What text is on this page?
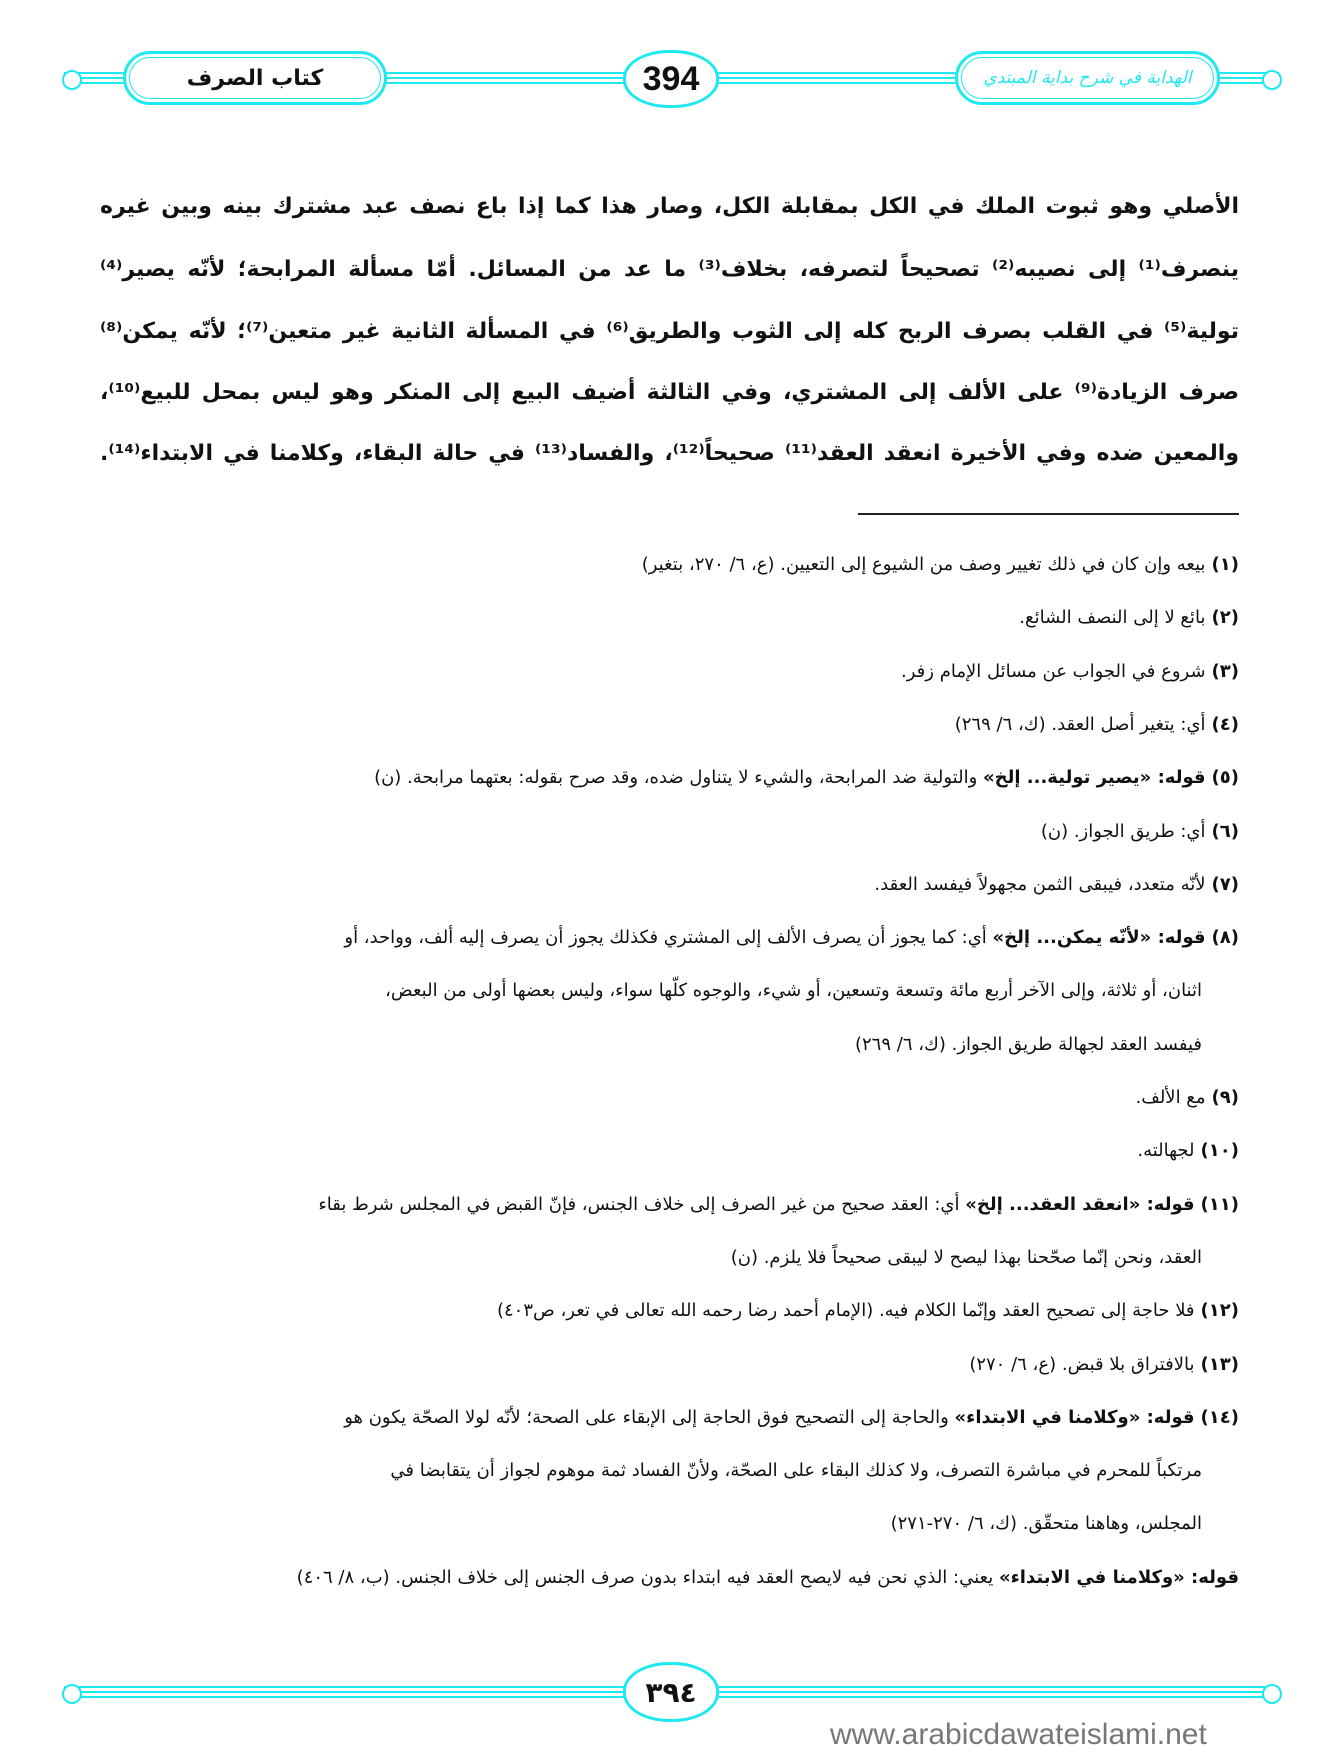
كتاب الصرف	394	الهداية في شرح بداية المبتدي
الأصلي وهو ثبوت الملك في الكل بمقابلة الكل، وصار هذا كما إذا باع نصف عبد مشترك بينه وبين غيره
ينصرف⁽¹⁾ إلى نصيبه⁽²⁾ تصحيحاً لتصرفه، بخلاف⁽³⁾ ما عد من المسائل. أمّا مسألة المرابحة؛ لأنّه يصير⁽⁴⁾
تولية⁽⁵⁾ في القلب بصرف الربح كله إلى الثوب والطريق⁽⁶⁾ في المسألة الثانية غير متعين⁽⁷⁾؛ لأنّه يمكن⁽⁸⁾
صرف الزيادة⁽⁹⁾ على الألف إلى المشتري، وفي الثالثة أضيف البيع إلى المنكر وهو ليس بمحل للبيع⁽¹⁰⁾،
والمعين ضده وفي الأخيرة انعقد العقد⁽¹¹⁾ صحيحاً⁽¹²⁾، والفساد⁽¹³⁾ في حالة البقاء، وكلامنا في الابتداء⁽¹⁴⁾.
(١)بيعه وإن كان في ذلك تغيير وصف من الشيوع إلى التعيين. (ع، ٦/ ٢٧٠، بتغير)
(٢)بائع لا إلى النصف الشائع.
(٣)شروع في الجواب عن مسائل الإمام زفر.
(٤)أي: يتغير أصل العقد. (ك، ٦/ ٢٦٩)
(٥)قوله: «يصير تولية... إلخ» والتولية ضد المرابحة، والشيء لا يتناول ضده، وقد صرح بقوله: بعتهما مرابحة. (ن)
(٦)أي: طريق الجواز. (ن)
(٧)لأنّه متعدد، فيبقى الثمن مجهولاً فيفسد العقد.
(٨)قوله: «لأنّه يمكن... إلخ» أي: كما يجوز أن يصرف الألف إلى المشتري فكذلك يجوز أن يصرف إليه ألف، وواحد، أو
اثنان، أو ثلاثة، وإلى الآخر أربع مائة وتسعة وتسعين، أو شيء، والوجوه كلّها سواء، وليس بعضها أولى من البعض،
فيفسد العقد لجهالة طريق الجواز. (ك، ٦/ ٢٦٩)
(٩)مع الألف.
(١٠)لجهالته.
(١١)قوله: «انعقد العقد... إلخ» أي: العقد صحيح من غير الصرف إلى خلاف الجنس، فإنّ القبض في المجلس شرط بقاء
العقد، ونحن إنّما صحّحنا بهذا ليصح لا ليبقى صحيحاً فلا يلزم. (ن)
(١٢)فلا حاجة إلى تصحيح العقد وإنّما الكلام فيه. (الإمام أحمد رضا رحمه الله تعالى في تعر، ص٤٠٣)
(١٣)بالافتراق بلا قبض. (ع، ٦/ ٢٧٠)
(١٤)قوله: «وكلامنا في الابتداء» والحاجة إلى التصحيح فوق الحاجة إلى الإبقاء على الصحة؛ لأنّه لولا الصحّة يكون هو
مرتكباً للمحرم في مباشرة التصرف، ولا كذلك البقاء على الصحّة، ولأنّ الفساد ثمة موهوم لجواز أن يتقابضا في
المجلس، وهاهنا متحقّق. (ك، ٦/ ٢٧٠-٢٧١)
قوله: «وكلامنا في الابتداء» يعني: الذي نحن فيه لايصح العقد فيه ابتداء بدون صرف الجنس إلى خلاف الجنس. (ب، ٨/ ٤٠٦)
٣٩٤
www.arabicdawateislami.net
